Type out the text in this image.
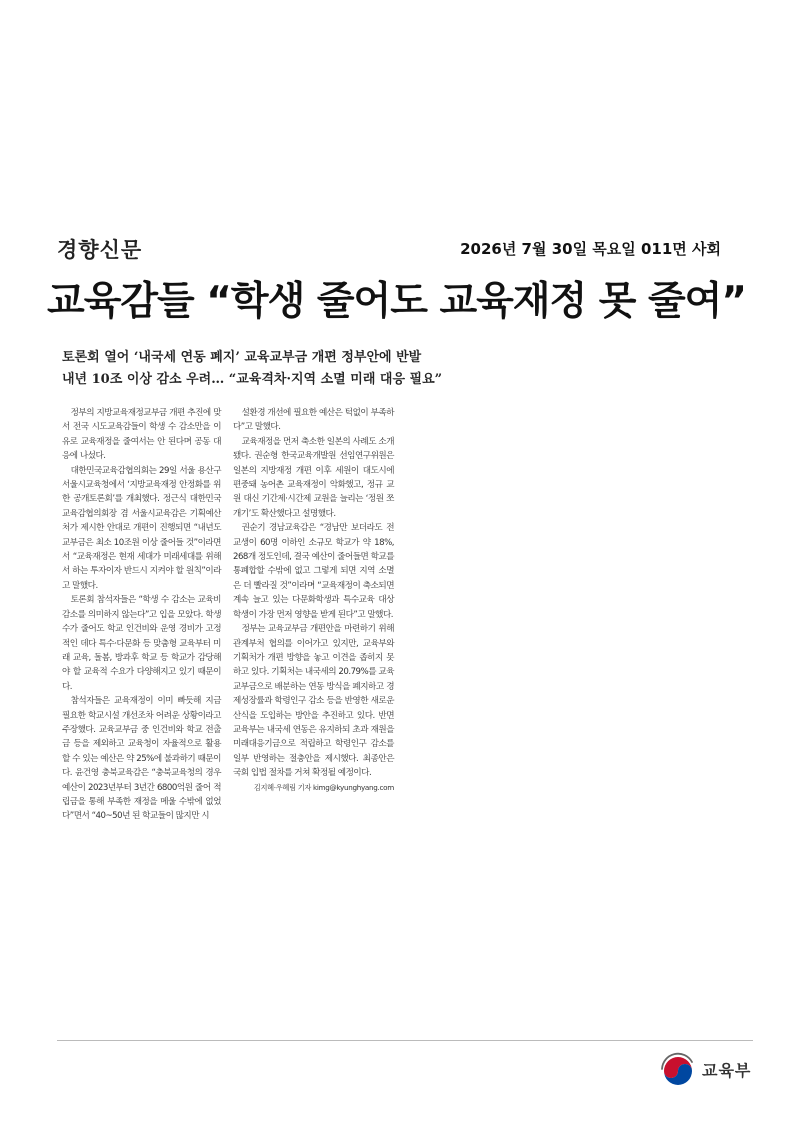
경향신문	2026년 7월 30일 목요일 011면 사회
교육감들 “학생 줄어도 교육재정 못 줄여”
토론회 열어 ‘내국세 연동 폐지’ 교육교부금 개편 정부안에 반발
내년 10조 이상 감소 우려… “교육격차·지역 소멸 미래 대응 필요”

정부의 지방교육재정교부금 개편 추진에 맞서 전국 시도교육감들이 학생 수 감소만을 이유로 교육재정을 줄여서는 안 된다며 공동 대응에 나섰다.

대한민국교육감협의회는 29일 서울 용산구 서울시교육청에서 ‘지방교육재정 안정화를 위한 공개토론회’를 개최했다. 정근식 대한민국교육감협의회장 겸 서울시교육감은 기획예산처가 제시한 안대로 개편이 진행되면 “내년도 교부금은 최소 10조원 이상 줄어들 것”이라면서 “교육재정은 현재 세대가 미래세대를 위해서 하는 투자이자 반드시 지켜야 할 원칙”이라고 말했다.

토론회 참석자들은 “학생 수 감소는 교육비 감소를 의미하지 않는다”고 입을 모았다. 학생 수가 줄어도 학교 인건비와 운영 경비가 고정적인 데다 특수·다문화 등 맞춤형 교육부터 미래 교육, 돌봄, 방과후 학교 등 학교가 감당해야 할 교육적 수요가 다양해지고 있기 때문이다.

참석자들은 교육재정이 이미 빠듯해 지금 필요한 학교시설 개선조차 어려운 상황이라고 주장했다. 교육교부금 중 인건비와 학교 전출금 등을 제외하고 교육청이 자율적으로 활용할 수 있는 예산은 약 25%에 불과하기 때문이다. 윤건영 충북교육감은 “충북교육청의 경우 예산이 2023년부터 3년간 6800억원 줄어 적립금을 통해 부족한 재정을 메울 수밖에 없었다”면서 “40~50년 된 학교들이 많지만 시

설환경 개선에 필요한 예산은 턱없이 부족하다”고 말했다.

교육재정을 먼저 축소한 일본의 사례도 소개됐다. 권순형 한국교육개발원 선임연구위원은 일본의 지방재정 개편 이후 세원이 대도시에 편중돼 농어촌 교육재정이 악화했고, 정규 교원 대신 기간제·시간제 교원을 늘리는 ‘정원 쪼개기’도 확산했다고 설명했다.

권순기 경남교육감은 “경남만 보더라도 전교생이 60명 이하인 소규모 학교가 약 18%, 268개 정도인데, 결국 예산이 줄어들면 학교를 통폐합할 수밖에 없고 그렇게 되면 지역 소멸은 더 빨라질 것”이라며 “교육재정이 축소되면 계속 늘고 있는 다문화학생과 특수교육 대상 학생이 가장 먼저 영향을 받게 된다”고 말했다.

정부는 교육교부금 개편안을 마련하기 위해 관계부처 협의를 이어가고 있지만, 교육부와 기획처가 개편 방향을 놓고 이견을 좁히지 못하고 있다. 기획처는 내국세의 20.79%를 교육교부금으로 배분하는 연동 방식을 폐지하고 경제성장률과 학령인구 감소 등을 반영한 새로운 산식을 도입하는 방안을 추진하고 있다. 반면 교육부는 내국세 연동은 유지하되 초과 재원을 미래대응기금으로 적립하고 학령인구 감소를 일부 반영하는 절충안을 제시했다. 최종안은 국회 입법 절차를 거쳐 확정될 예정이다.

김지혜·우혜림 기자 kimg@kyunghyang.com

교육부
